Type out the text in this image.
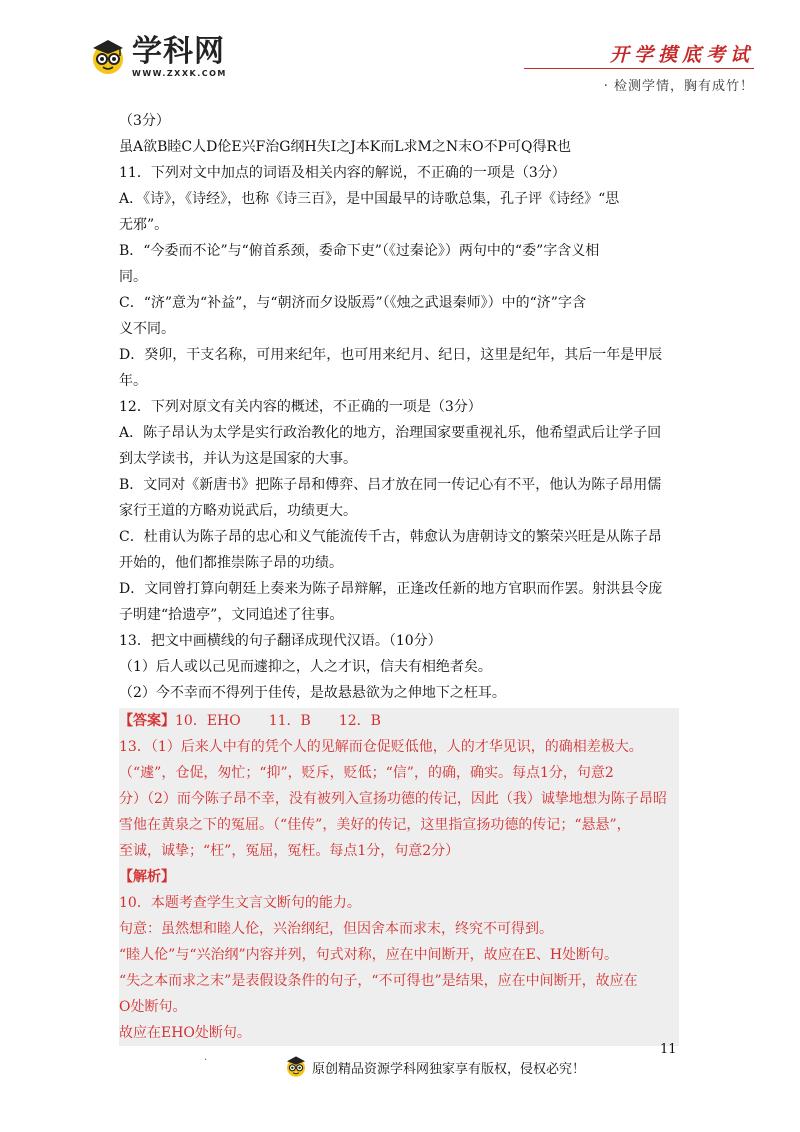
学科网
WWW.ZXXK.COM
开学摸底考试
· 检测学情，胸有成竹！

（3分）

虽A欲B睦C人D伦E兴F治G纲H失I之J本K而L求M之N末O不P可Q得R也

11．下列对文中加点的词语及相关内容的解说，不正确的一项是（3分）

A．《诗》，《诗经》，也称《诗三百》，是中国最早的诗歌总集，孔子评《诗经》“思

无邪”。

B．“今委而不论”与“俯首系颈，委命下吏”（《过秦论》）两句中的“委”字含义相

同。

C．“济”意为“补益”，与“朝济而夕设版焉”（《烛之武退秦师》）中的“济”字含

义不同。

D．癸卯，干支名称，可用来纪年，也可用来纪月、纪日，这里是纪年，其后一年是甲辰

年。

12．下列对原文有关内容的概述，不正确的一项是（3分）

A．陈子昂认为太学是实行政治教化的地方，治理国家要重视礼乐，他希望武后让学子回

到太学读书，并认为这是国家的大事。

B．文同对《新唐书》把陈子昂和傅弈、吕才放在同一传记心有不平，他认为陈子昂用儒

家行王道的方略劝说武后，功绩更大。

C．杜甫认为陈子昂的忠心和义气能流传千古，韩愈认为唐朝诗文的繁荣兴旺是从陈子昂

开始的，他们都推崇陈子昂的功绩。

D．文同曾打算向朝廷上奏来为陈子昂辩解，正逢改任新的地方官职而作罢。射洪县令庞

子明建“拾遗亭”，文同追述了往事。

13．把文中画横线的句子翻译成现代汉语。（10分）

（1）后人或以己见而遽抑之，人之才识，信夫有相绝者矣。

（2）今不幸而不得列于佳传，是故悬悬欲为之伸地下之枉耳。

【答案】10．EHO　　11．B　　12．B

13．（1）后来人中有的凭个人的见解而仓促贬低他，人的才华见识，的确相差极大。

（“遽”，仓促，匆忙；“抑”，贬斥，贬低；“信”，的确，确实。每点1分，句意2

分）（2）而今陈子昂不幸，没有被列入宣扬功德的传记，因此（我）诚挚地想为陈子昂昭

雪他在黄泉之下的冤屈。（“佳传”，美好的传记，这里指宣扬功德的传记；“悬悬”，

至诚，诚挚；“枉”，冤屈，冤枉。每点1分，句意2分）

【解析】

10．本题考查学生文言文断句的能力。

句意：虽然想和睦人伦，兴治纲纪，但因舍本而求末，终究不可得到。

“睦人伦”与“兴治纲”内容并列，句式对称，应在中间断开，故应在E、H处断句。

“失之本而求之末”是表假设条件的句子，“不可得也”是结果，应在中间断开，故应在

O处断句。

故应在EHO处断句。

.
原创精品资源学科网独家享有版权，侵权必究！
11
